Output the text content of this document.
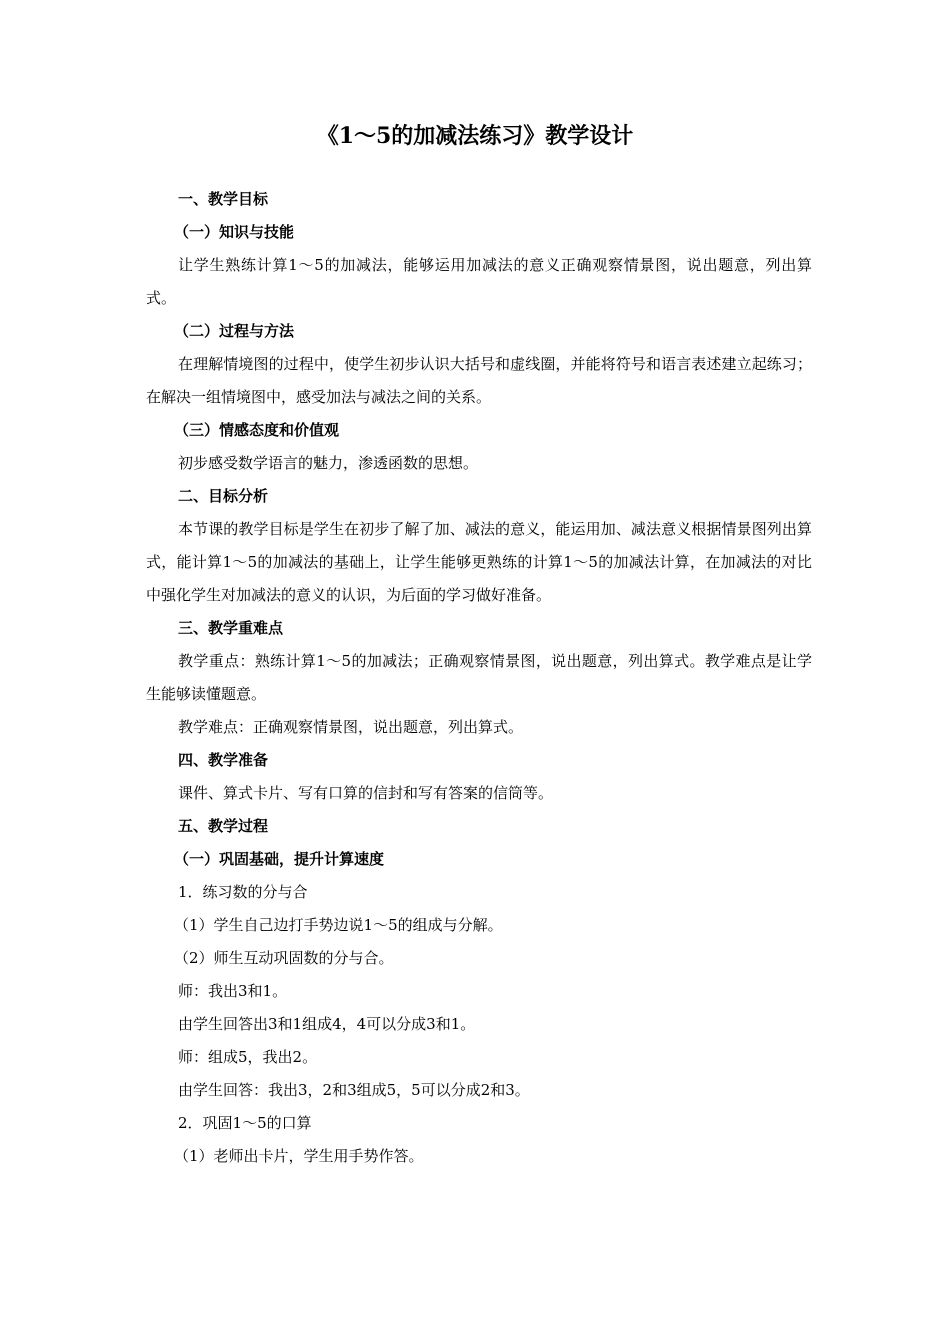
《1～5的加减法练习》教学设计

一、教学目标

（一）知识与技能

让学生熟练计算1～5的加减法，能够运用加减法的意义正确观察情景图，说出题意，列出算式。

（二）过程与方法

在理解情境图的过程中，使学生初步认识大括号和虚线圈，并能将符号和语言表述建立起练习；在解决一组情境图中，感受加法与减法之间的关系。

（三）情感态度和价值观

初步感受数学语言的魅力，渗透函数的思想。

二、目标分析

本节课的教学目标是学生在初步了解了加、减法的意义，能运用加、减法意义根据情景图列出算式，能计算1～5的加减法的基础上，让学生能够更熟练的计算1～5的加减法计算，在加减法的对比中强化学生对加减法的意义的认识，为后面的学习做好准备。

三、教学重难点

教学重点：熟练计算1～5的加减法；正确观察情景图，说出题意，列出算式。教学难点是让学生能够读懂题意。

教学难点：正确观察情景图，说出题意，列出算式。

四、教学准备

课件、算式卡片、写有口算的信封和写有答案的信筒等。

五、教学过程

（一）巩固基础，提升计算速度

1．练习数的分与合

（1）学生自己边打手势边说1～5的组成与分解。

（2）师生互动巩固数的分与合。

师：我出3和1。

由学生回答出3和1组成4，4可以分成3和1。

师：组成5，我出2。

由学生回答：我出3，2和3组成5，5可以分成2和3。

2．巩固1～5的口算

（1）老师出卡片，学生用手势作答。
